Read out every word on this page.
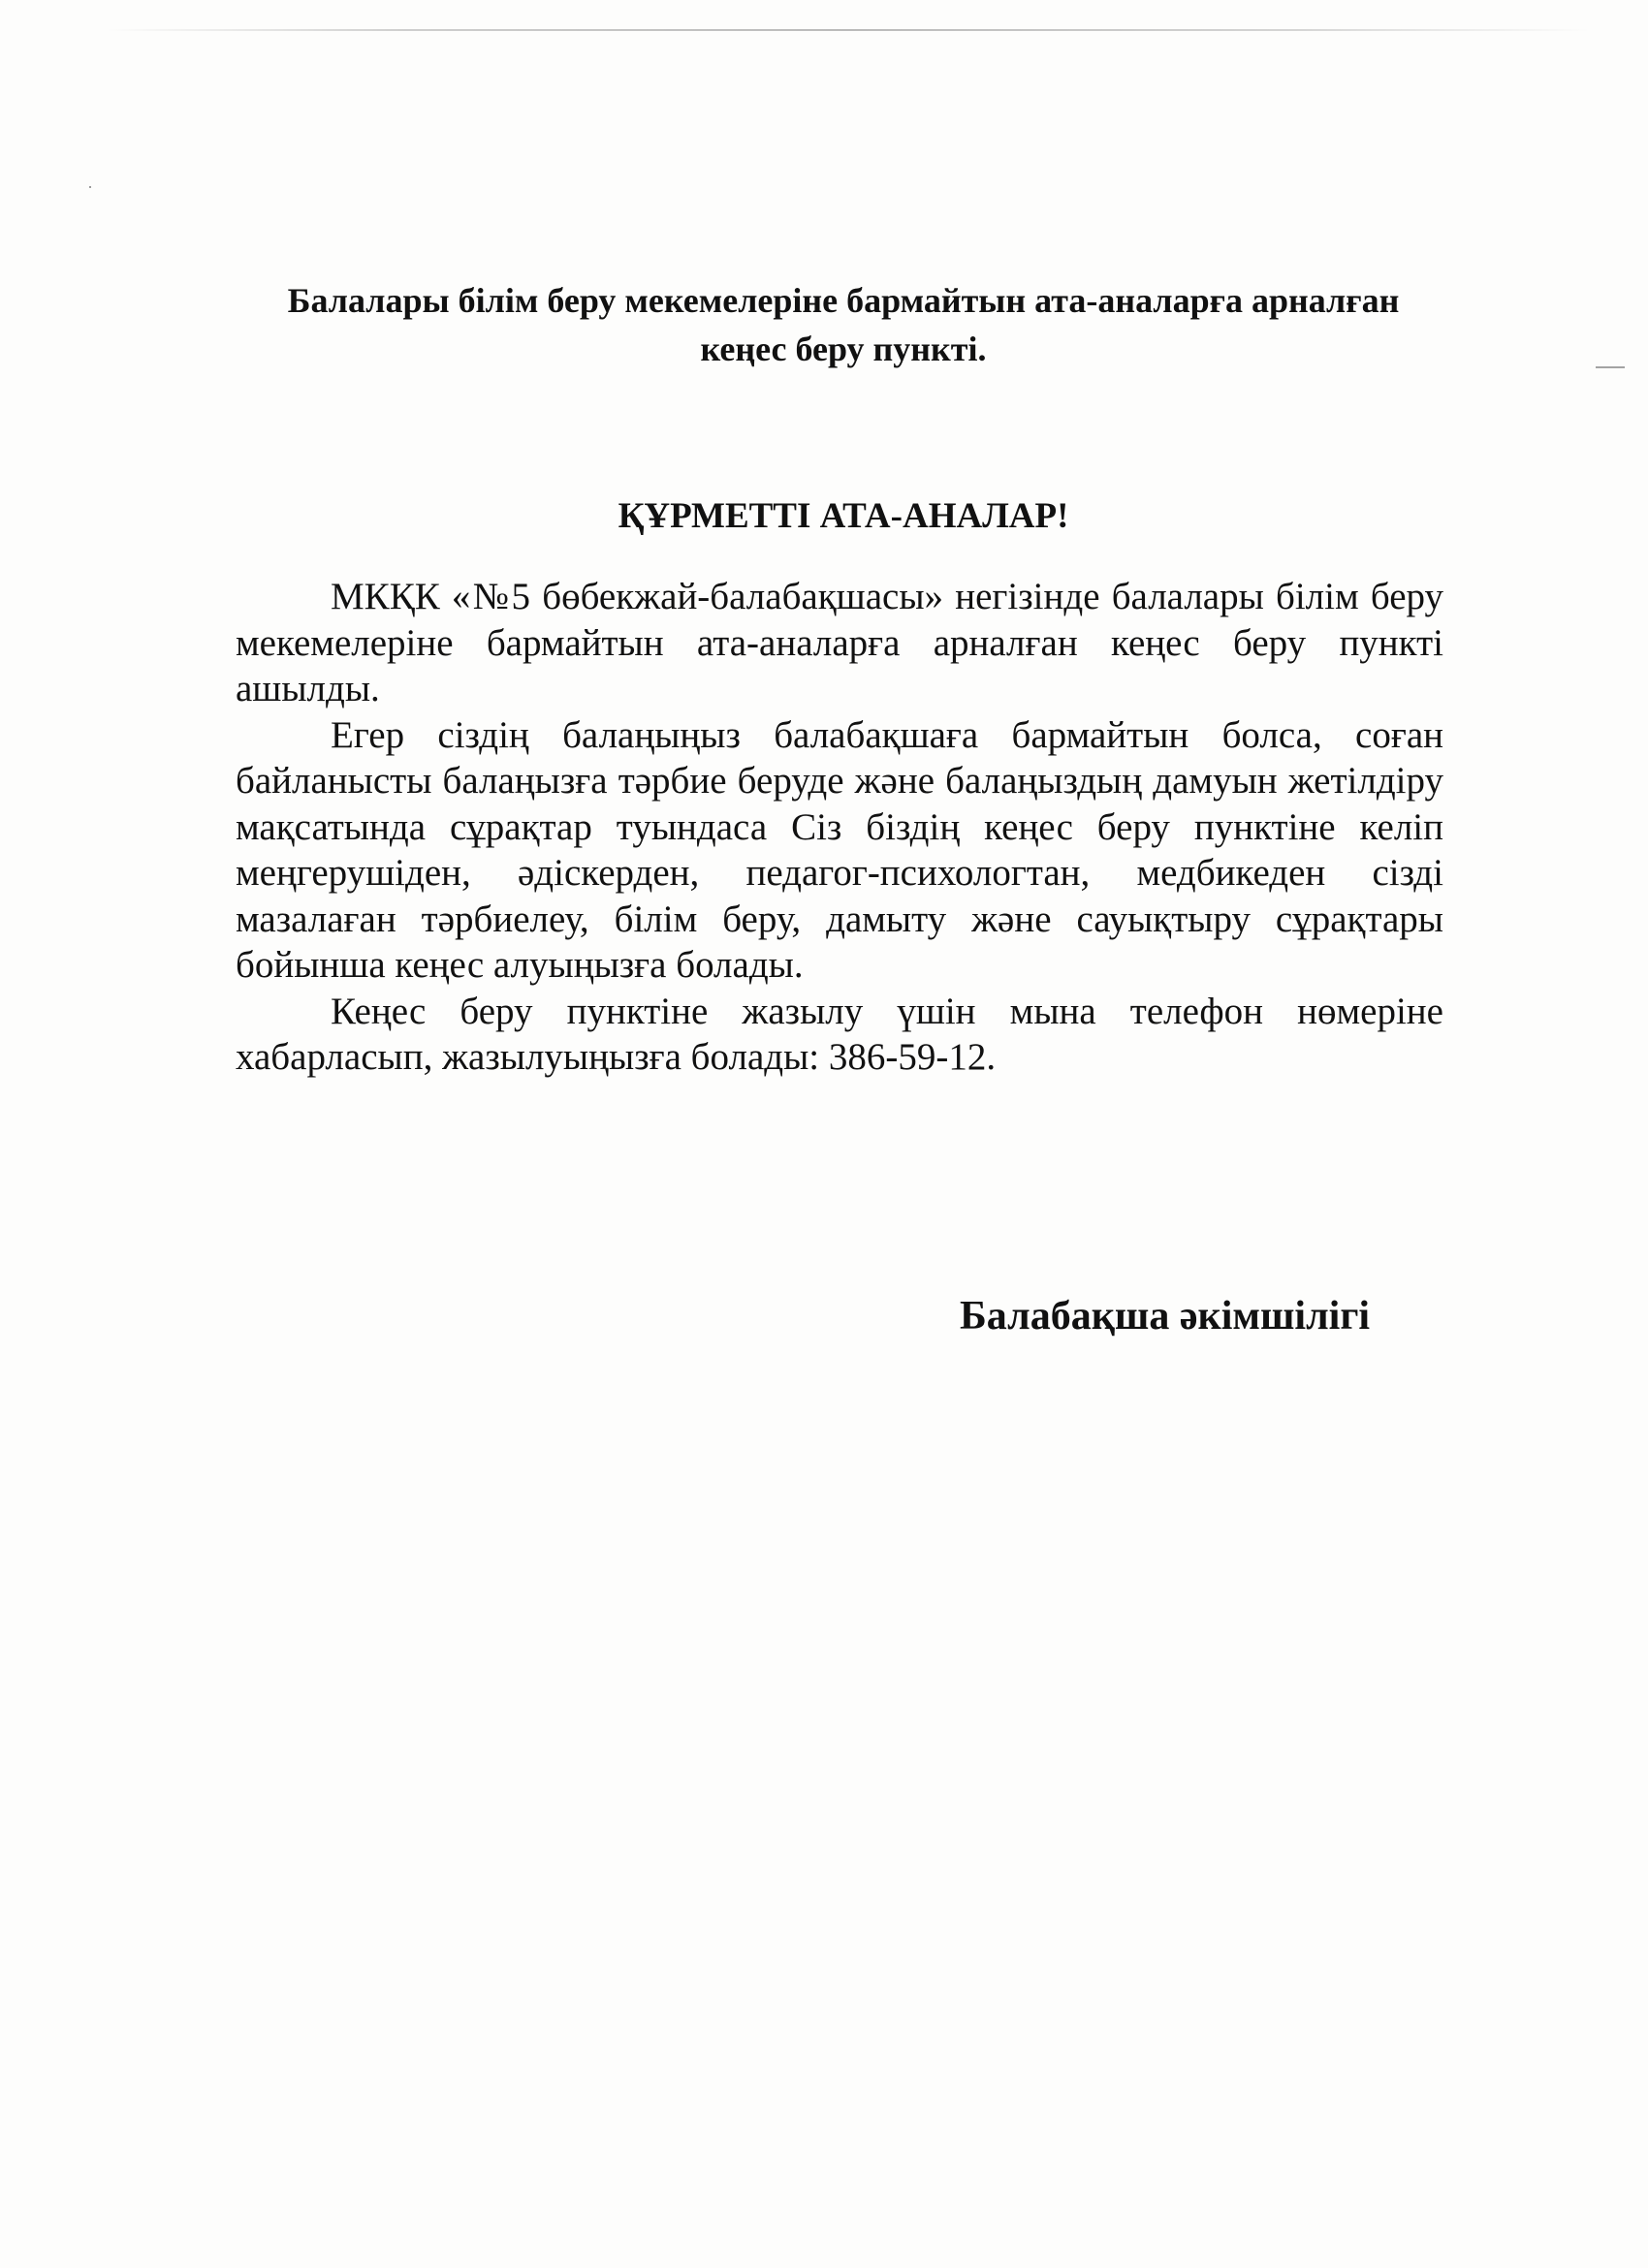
Балалары білім беру мекемелеріне бармайтын ата-аналарға арналған кеңес беру пункті.
ҚҰРМЕТТІ АТА-АНАЛАР!

МКҚК «№5 бөбекжай-балабақшасы» негізінде балалары білім беру мекемелеріне бармайтын ата-аналарға арналған кеңес беру пункті ашылды.

Егер сіздің балаңыңыз балабақшаға бармайтын болса, соған байланысты балаңызға тәрбие беруде және балаңыздың дамуын жетілдіру мақсатында сұрақтар туындаса Сіз біздің кеңес беру пунктіне келіп меңгерушіден, әдіскерден, педагог-психологтан, медбикеден сізді мазалаған тәрбиелеу, білім беру, дамыту және сауықтыру сұрақтары бойынша кеңес алуыңызға болады.

Кеңес беру пунктіне жазылу үшін мына телефон нөмеріне хабарласып, жазылуыңызға болады: 386-59-12.

Балабақша әкімшілігі
